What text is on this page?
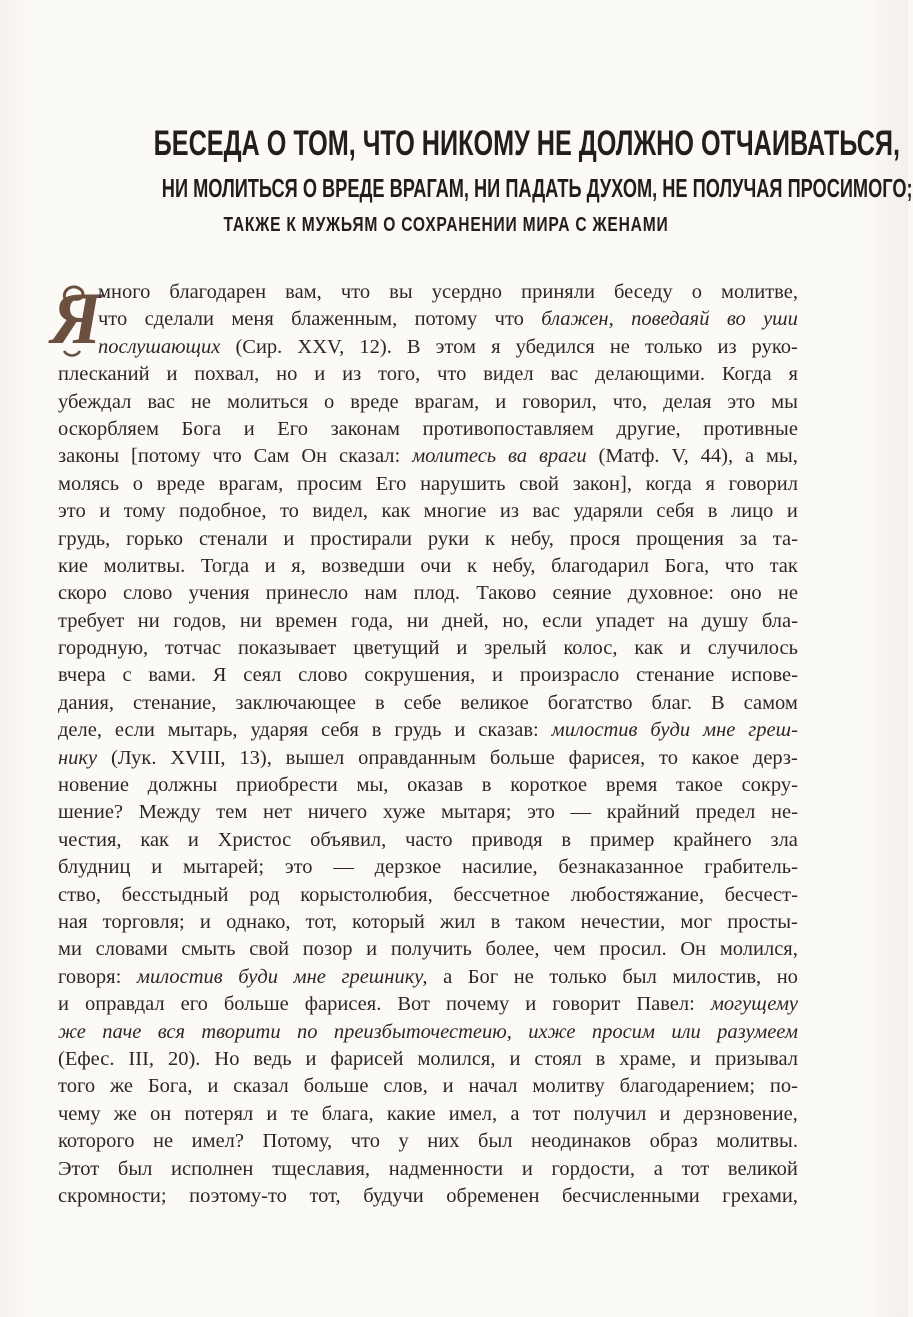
БЕСЕДА О ТОМ, ЧТО НИКОМУ НЕ ДОЛЖНО ОТЧАИВАТЬСЯ,
НИ МОЛИТЬСЯ О ВРЕДЕ ВРАГАМ, НИ ПАДАТЬ ДУХОМ, НЕ ПОЛУЧАЯ ПРОСИМОГО;
ТАКЖЕ К МУЖЬЯМ О СОХРАНЕНИИ МИРА С ЖЕНАМИ
Я
много благодарен вам, что вы усердно приняли беседу о молитве,
что сделали меня блаженным, потому что блажен, поведаяй во уши
послушающих (Сир. XXV, 12). В этом я убедился не только из руко-
плесканий и похвал, но и из того, что видел вас делающими. Когда я
убеждал вас не молиться о вреде врагам, и говорил, что, делая это мы
оскорбляем Бога и Его законам противопоставляем другие, противные
законы [потому что Сам Он сказал: молитесь ва враги (Матф. V, 44), а мы,
молясь о вреде врагам, просим Его нарушить свой закон], когда я говорил
это и тому подобное, то видел, как многие из вас ударяли себя в лицо и
грудь, горько стенали и простирали руки к небу, прося прощения за та-
кие молитвы. Тогда и я, возведши очи к небу, благодарил Бога, что так
скоро слово учения принесло нам плод. Таково сеяние духовное: оно не
требует ни годов, ни времен года, ни дней, но, если упадет на душу бла-
городную, тотчас показывает цветущий и зрелый колос, как и случилось
вчера с вами. Я сеял слово сокрушения, и произрасло стенание испове-
дания, стенание, заключающее в себе великое богатство благ. В самом
деле, если мытарь, ударяя себя в грудь и сказав: милостив буди мне греш-
нику (Лук. XVIII, 13), вышел оправданным больше фарисея, то какое дерз-
новение должны приобрести мы, оказав в короткое время такое сокру-
шение? Между тем нет ничего хуже мытаря; это — крайний предел не-
честия, как и Христос объявил, часто приводя в пример крайнего зла
блудниц и мытарей; это — дерзкое насилие, безнаказанное грабитель-
ство, бесстыдный род корыстолюбия, бессчетное любостяжание, бесчест-
ная торговля; и однако, тот, который жил в таком нечестии, мог просты-
ми словами смыть свой позор и получить более, чем просил. Он молился,
говоря: милостив буди мне грешнику, а Бог не только был милостив, но
и оправдал его больше фарисея. Вот почему и говорит Павел: могущему
же паче вся творити по преизбыточестеию, ихже просим или разумеем
(Ефес. III, 20). Но ведь и фарисей молился, и стоял в храме, и призывал
того же Бога, и сказал больше слов, и начал молитву благодарением; по-
чему же он потерял и те блага, какие имел, а тот получил и дерзновение,
которого не имел? Потому, что у них был неодинаков образ молитвы.
Этот был исполнен тщеславия, надменности и гордости, а тот великой
скромности; поэтому-то тот, будучи обременен бесчисленными грехами,
